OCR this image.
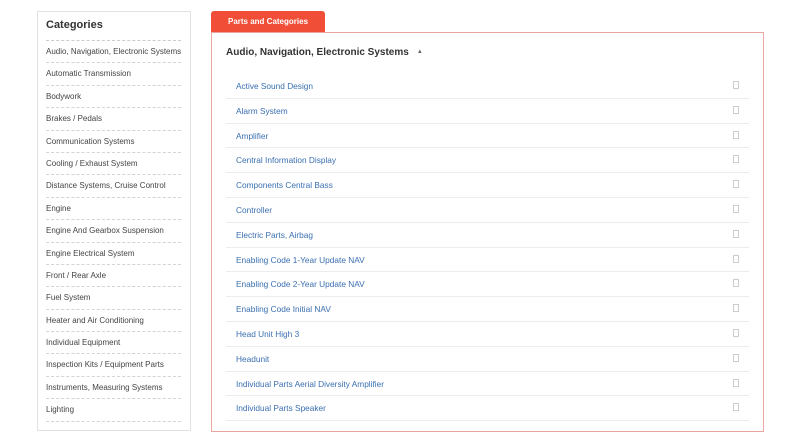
Categories
Audio, Navigation, Electronic Systems
Automatic Transmission
Bodywork
Brakes / Pedals
Communication Systems
Cooling / Exhaust System
Distance Systems, Cruise Control
Engine
Engine And Gearbox Suspension
Engine Electrical System
Front / Rear Axle
Fuel System
Heater and Air Conditioning
Individual Equipment
Inspection Kits / Equipment Parts
Instruments, Measuring Systems
Lighting
Parts and Categories
Audio, Navigation, Electronic Systems ▲
Active Sound Design
Alarm System
Amplifier
Central Information Display
Components Central Bass
Controller
Electric Parts, Airbag
Enabling Code 1-Year Update NAV
Enabling Code 2-Year Update NAV
Enabling Code Initial NAV
Head Unit High 3
Headunit
Individual Parts Aerial Diversity Amplifier
Individual Parts Speaker
